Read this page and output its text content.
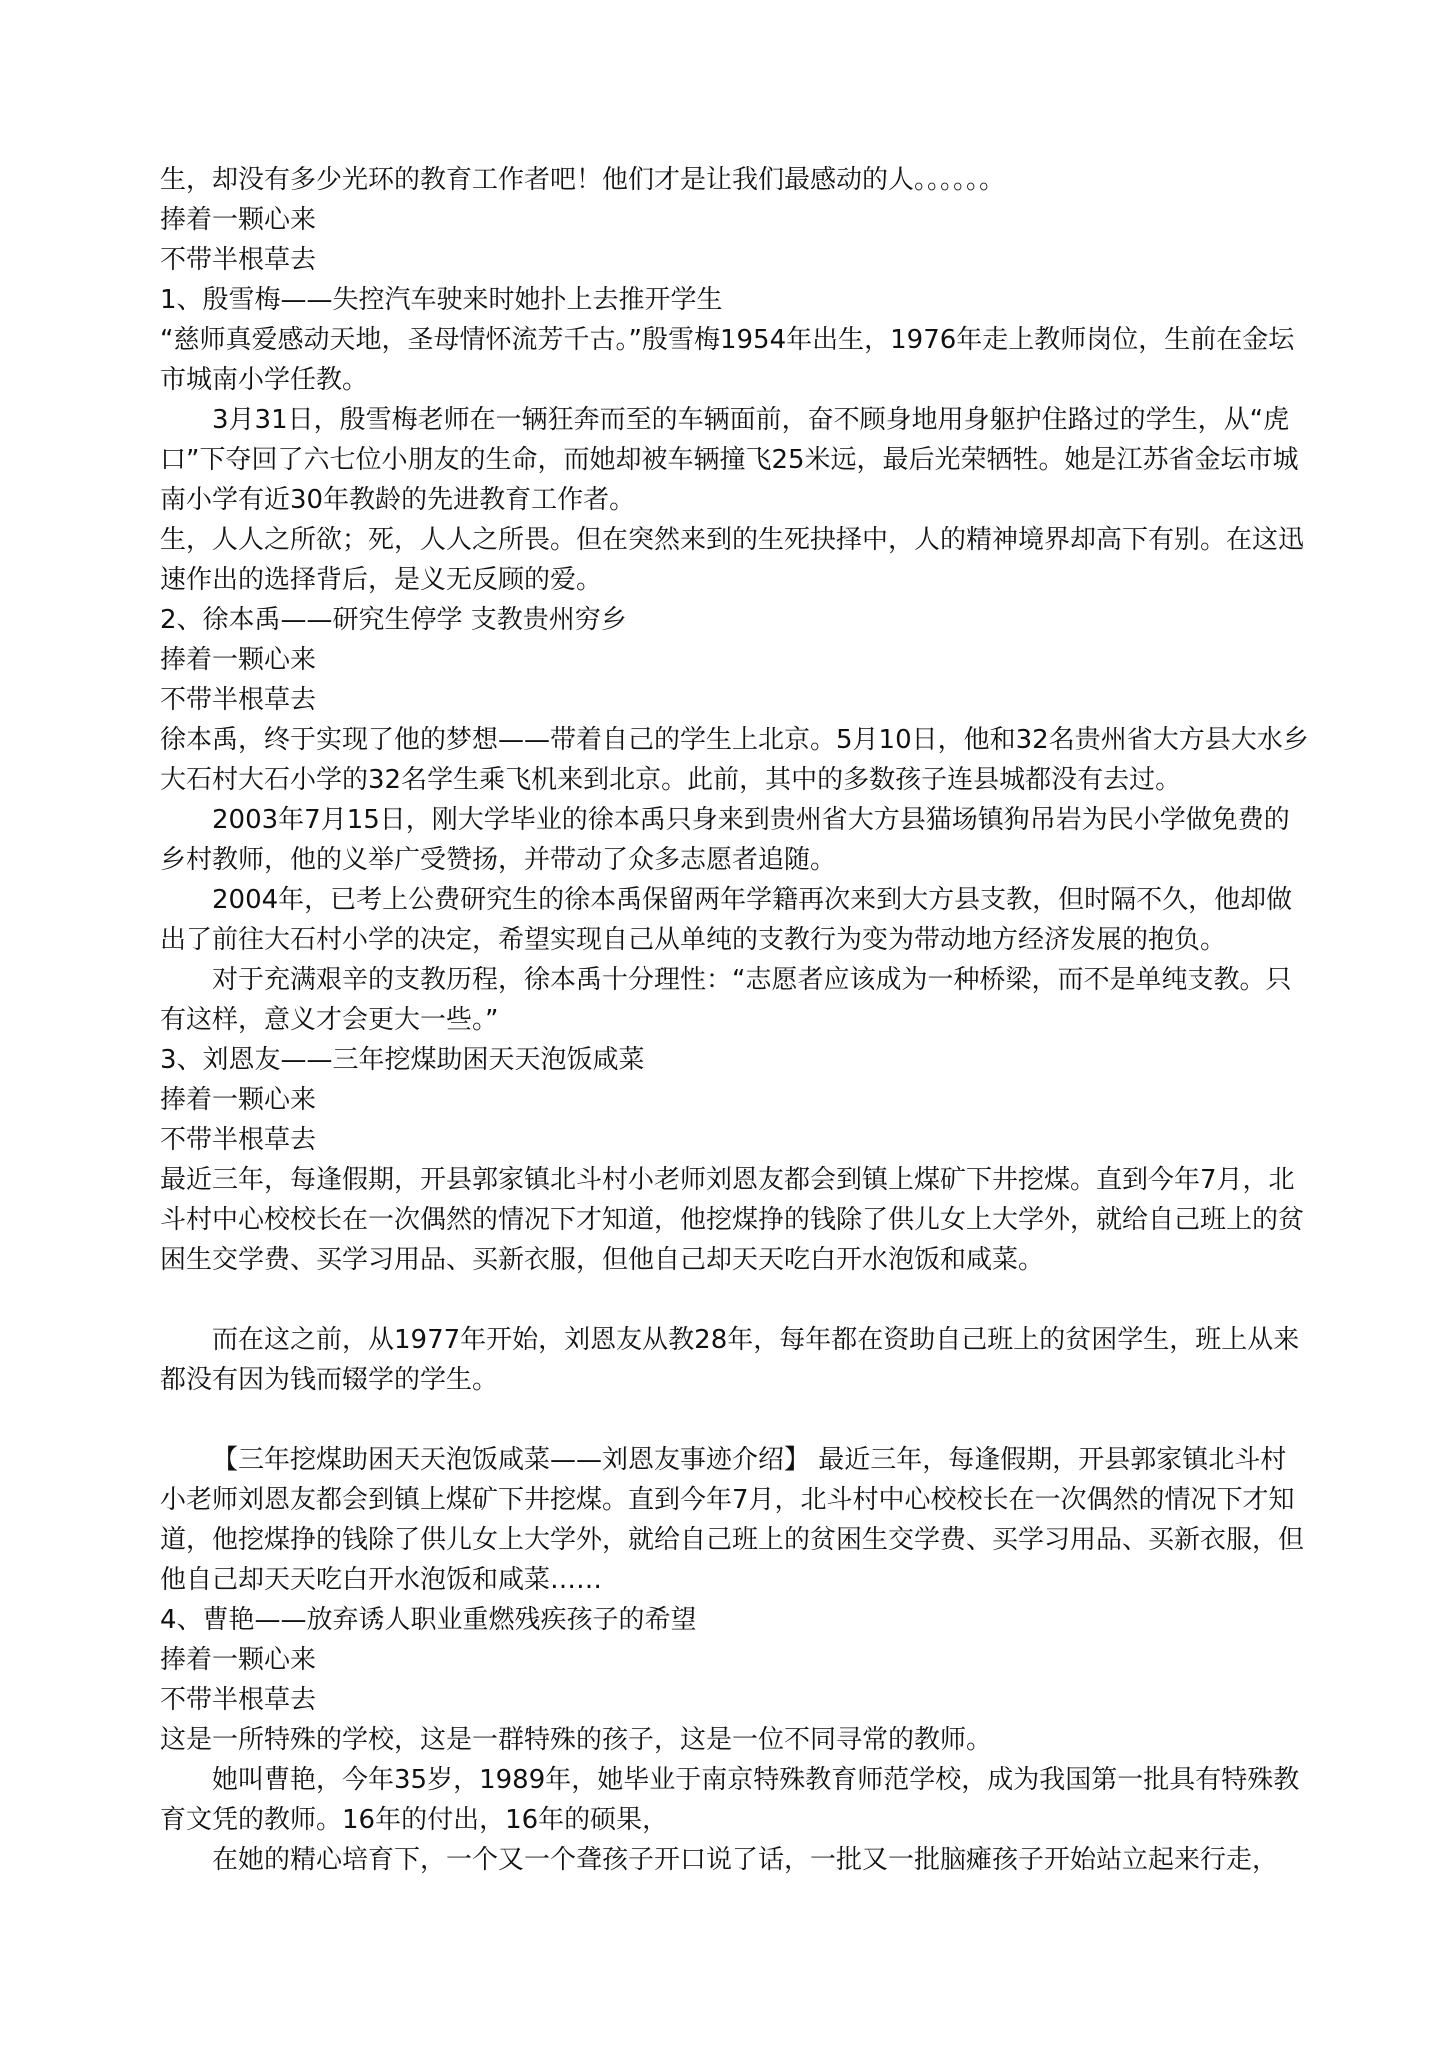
生，却没有多少光环的教育工作者吧！他们才是让我们最感动的人。。。。。。
捧着一颗心来
不带半根草去
1、殷雪梅——失控汽车驶来时她扑上去推开学生
“慈师真爱感动天地，圣母情怀流芳千古。”殷雪梅1954年出生，1976年走上教师岗位，生前在金坛市城南小学任教。
3月31日，殷雪梅老师在一辆狂奔而至的车辆面前，奋不顾身地用身躯护住路过的学生，从“虎口”下夺回了六七位小朋友的生命，而她却被车辆撞飞25米远，最后光荣牺牲。她是江苏省金坛市城南小学有近30年教龄的先进教育工作者。
生，人人之所欲；死，人人之所畏。但在突然来到的生死抉择中，人的精神境界却高下有别。在这迅速作出的选择背后，是义无反顾的爱。
2、徐本禹——研究生停学 支教贵州穷乡
捧着一颗心来
不带半根草去
徐本禹，终于实现了他的梦想——带着自己的学生上北京。5月10日，他和32名贵州省大方县大水乡大石村大石小学的32名学生乘飞机来到北京。此前，其中的多数孩子连县城都没有去过。
2003年7月15日，刚大学毕业的徐本禹只身来到贵州省大方县猫场镇狗吊岩为民小学做免费的乡村教师，他的义举广受赞扬，并带动了众多志愿者追随。
2004年，已考上公费研究生的徐本禹保留两年学籍再次来到大方县支教，但时隔不久，他却做出了前往大石村小学的决定，希望实现自己从单纯的支教行为变为带动地方经济发展的抱负。
对于充满艰辛的支教历程，徐本禹十分理性：“志愿者应该成为一种桥梁，而不是单纯支教。只有这样，意义才会更大一些。”
3、刘恩友——三年挖煤助困天天泡饭咸菜
捧着一颗心来
不带半根草去
最近三年，每逢假期，开县郭家镇北斗村小老师刘恩友都会到镇上煤矿下井挖煤。直到今年7月，北斗村中心校校长在一次偶然的情况下才知道，他挖煤挣的钱除了供儿女上大学外，就给自己班上的贫困生交学费、买学习用品、买新衣服，但他自己却天天吃白开水泡饭和咸菜。
而在这之前，从1977年开始，刘恩友从教28年，每年都在资助自己班上的贫困学生，班上从来都没有因为钱而辍学的学生。
【三年挖煤助困天天泡饭咸菜——刘恩友事迹介绍】 最近三年，每逢假期，开县郭家镇北斗村小老师刘恩友都会到镇上煤矿下井挖煤。直到今年7月，北斗村中心校校长在一次偶然的情况下才知道，他挖煤挣的钱除了供儿女上大学外，就给自己班上的贫困生交学费、买学习用品、买新衣服，但他自己却天天吃白开水泡饭和咸菜……
4、曹艳——放弃诱人职业重燃残疾孩子的希望
捧着一颗心来
不带半根草去
这是一所特殊的学校，这是一群特殊的孩子，这是一位不同寻常的教师。
她叫曹艳，今年35岁，1989年，她毕业于南京特殊教育师范学校，成为我国第一批具有特殊教育文凭的教师。16年的付出，16年的硕果，
在她的精心培育下，一个又一个聋孩子开口说了话，一批又一批脑瘫孩子开始站立起来行走，
